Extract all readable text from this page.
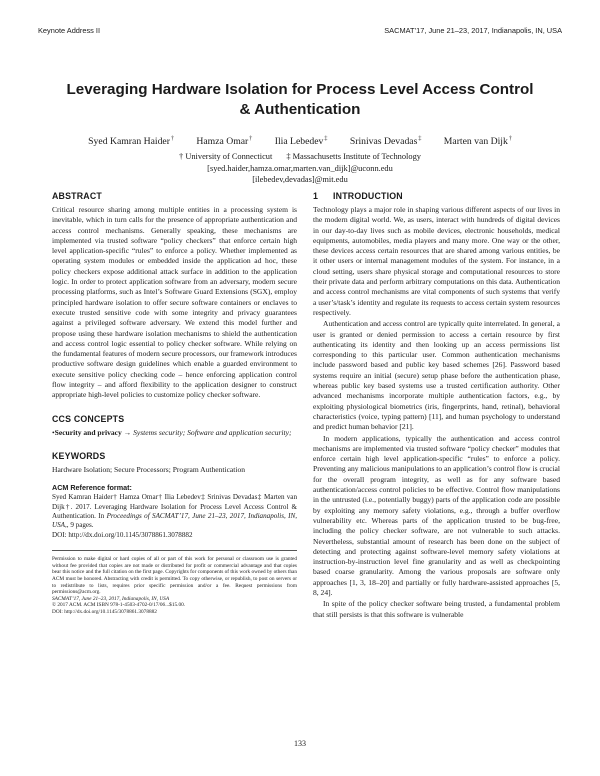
Keynote Address II	SACMAT’17, June 21–23, 2017, Indianapolis, IN, USA
Leveraging Hardware Isolation for Process Level Access Control
& Authentication
Syed Kamran Haider† Hamza Omar† Ilia Lebedev‡ Srinivas Devadas‡ Marten van Dijk†
† University of Connecticut ‡ Massachusetts Institute of Technology
[syed.haider,hamza.omar,marten.van_dijk]@uconn.edu
[ilebedev,devadas]@mit.edu
ABSTRACT

Critical resource sharing among multiple entities in a processing system is inevitable, which in turn calls for the presence of appropriate authentication and access control mechanisms. Generally speaking, these mechanisms are implemented via trusted software “policy checkers” that enforce certain high level application-specific “rules” to enforce a policy. Whether implemented as operating system modules or embedded inside the application ad hoc, these policy checkers expose additional attack surface in addition to the application logic. In order to protect application software from an adversary, modern secure processing platforms, such as Intel’s Software Guard Extensions (SGX), employ principled hardware isolation to offer secure software containers or enclaves to execute trusted sensitive code with some integrity and privacy guarantees against a privileged software adversary. We extend this model further and propose using these hardware isolation mechanisms to shield the authentication and access control logic essential to policy checker software. While relying on the fundamental features of modern secure processors, our framework introduces productive software design guidelines which enable a guarded environment to execute sensitive policy checking code – hence enforcing application control flow integrity – and afford flexibility to the application designer to construct appropriate high-level policies to customize policy checker software.

CCS CONCEPTS

•Security and privacy → Systems security; Software and application security;

KEYWORDS

Hardware Isolation; Secure Processors; Program Authentication

ACM Reference format:

Syed Kamran Haider† Hamza Omar† Ilia Lebedev‡ Srinivas Devadas‡ Marten van Dijk†. 2017. Leveraging Hardware Isolation for Process Level Access Control & Authentication. In Proceedings of SACMAT’17, June 21–23, 2017, Indianapolis, IN, USA,, 9 pages.
DOI: http://dx.doi.org/10.1145/3078861.3078882

Permission to make digital or hard copies of all or part of this work for personal or classroom use is granted without fee provided that copies are not made or distributed for profit or commercial advantage and that copies bear this notice and the full citation on the first page. Copyrights for components of this work owned by others than ACM must be honored. Abstracting with credit is permitted. To copy otherwise, or republish, to post on servers or to redistribute to lists, requires prior specific permission and/or a fee. Request permissions from permissions@acm.org.

SACMAT’17, June 21–23, 2017, Indianapolis, IN, USA
© 2017 ACM. ACM ISBN 978-1-4503-4702-0/17/06...$15.00.
DOI: http://dx.doi.org/10.1145/3078861.3078882
1 INTRODUCTION

Technology plays a major role in shaping various different aspects of our lives in the modern digital world. We, as users, interact with hundreds of digital devices in our day-to-day lives such as mobile devices, electronic households, medical equipments, automobiles, media players and many more. One way or the other, these devices access certain resources that are shared among various entities, be it other users or internal management modules of the system. For instance, in a cloud setting, users share physical storage and computational resources to store their private data and perform arbitrary computations on this data. Authentication and access control mechanisms are vital components of such systems that verify a user’s/task’s identity and regulate its requests to access certain system resources respectively.

Authentication and access control are typically quite interrelated. In general, a user is granted or denied permission to access a certain resource by first authenticating its identity and then looking up an access permissions list corresponding to this particular user. Common authentication mechanisms include password based and public key based schemes [26]. Password based systems require an initial (secure) setup phase before the authentication phase, whereas public key based systems use a trusted certification authority. Other advanced mechanisms incorporate multiple authentication factors, e.g., by exploiting physiological biometrics (iris, fingerprints, hand, retinal), behavioral characteristics (voice, typing pattern) [11], and human psychology to understand and predict human behavior [21].

In modern applications, typically the authentication and access control mechanisms are implemented via trusted software “policy checker” modules that enforce certain high level application-specific “rules” to enforce a policy. Preventing any malicious manipulations to an application’s control flow is crucial for the overall program integrity, as well as for any software based authentication/access control policies to be effective. Control flow manipulations in the untrusted (i.e., potentially buggy) parts of the application code are possible by exploiting any memory safety violations, e.g., through a buffer overflow vulnerability etc. Whereas parts of the application trusted to be bug-free, including the policy checker software, are not vulnerable to such attacks. Nevertheless, substantial amount of research has been done on the subject of detecting and protecting against software-level memory safety violations at instruction-by-instruction level fine granularity and as well as checkpointing based coarse granularity. Among the various proposals are software only approaches [1, 3, 18–20] and partially or fully hardware-assisted approaches [5, 8, 24].

In spite of the policy checker software being trusted, a fundamental problem that still persists is that this software is vulnerable

133
